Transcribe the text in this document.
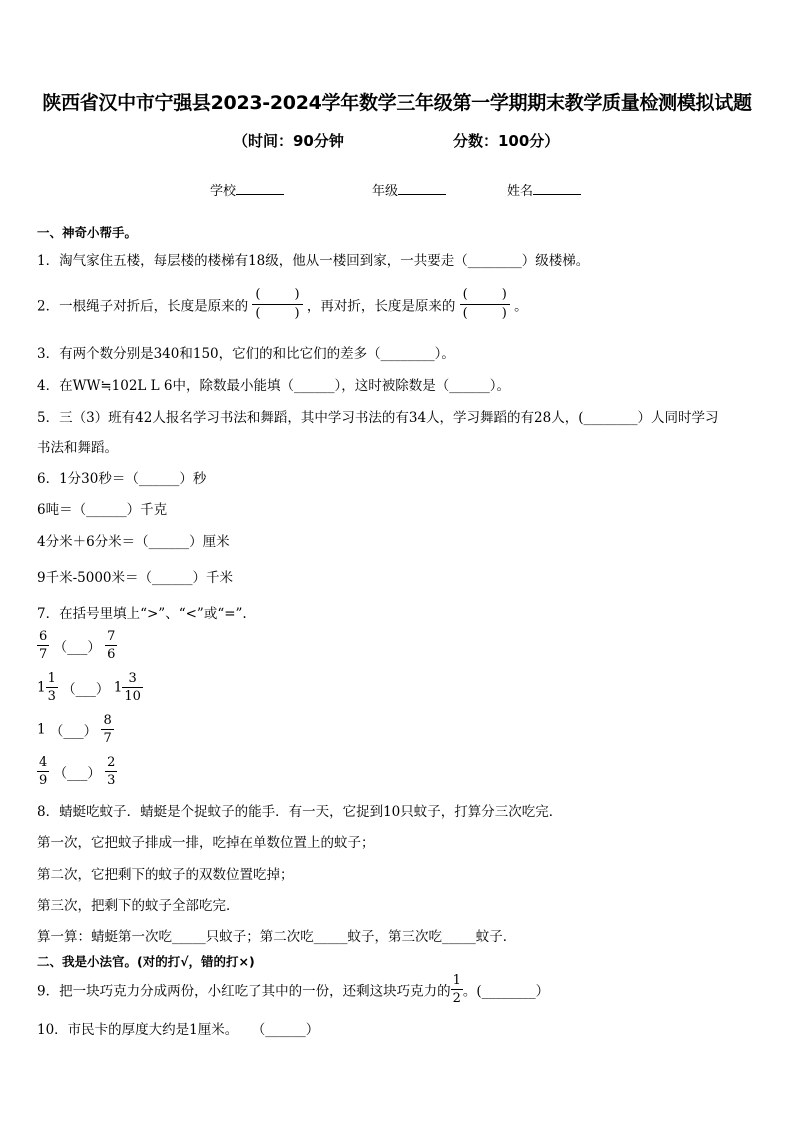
陕西省汉中市宁强县2023-2024学年数学三年级第一学期期末教学质量检测模拟试题
（时间：90分钟	分数：100分）
学校	年级	姓名
一、神奇小帮手。
1．淘气家住五楼，每层楼的楼梯有18级，他从一楼回到家，一共要走（________）级楼梯。
2．一根绳子对折后，长度是原来的 (	)
(	) ，再对折，长度是原来的 (	)
(	) 。
3．有两个数分别是340和150，它们的和比它们的差多（________）。
4．在WW≒102L L 6中，除数最小能填（______），这时被除数是（______）。
5．三（3）班有42人报名学习书法和舞蹈，其中学习书法的有34人，学习舞蹈的有28人，(________）人同时学习
书法和舞蹈。
6．1分30秒＝（______）秒
6吨＝（______）千克
4分米＋6分米＝（______）厘米
9千米-5000米＝（______）千米
7．在括号里填上“>”、“<”或“=”.
$\frac{6}{7}$ （___） $\frac{7}{6}$
$1 \frac{1}{3}$ （___） $1 \frac{3}{10}$
1 （___） $\frac{8}{7}$
$\frac{4}{9}$ （___） $\frac{2}{3}$
8．蜻蜓吃蚊子．蜻蜓是个捉蚊子的能手．有一天，它捉到10只蚊子，打算分三次吃完．
第一次，它把蚊子排成一排，吃掉在单数位置上的蚊子；
第二次，它把剩下的蚊子的双数位置吃掉；
第三次，把剩下的蚊子全部吃完．
算一算：蜻蜓第一次吃_____只蚊子；第二次吃_____蚊子，第三次吃_____蚊子．
二、我是小法官。(对的打√，错的打×)
9．把一块巧克力分成两份，小红吃了其中的一份，还剩这块巧克力的 $\frac{1}{2}$ 。(________）
10．市民卡的厚度大约是1厘米。　　（______）
